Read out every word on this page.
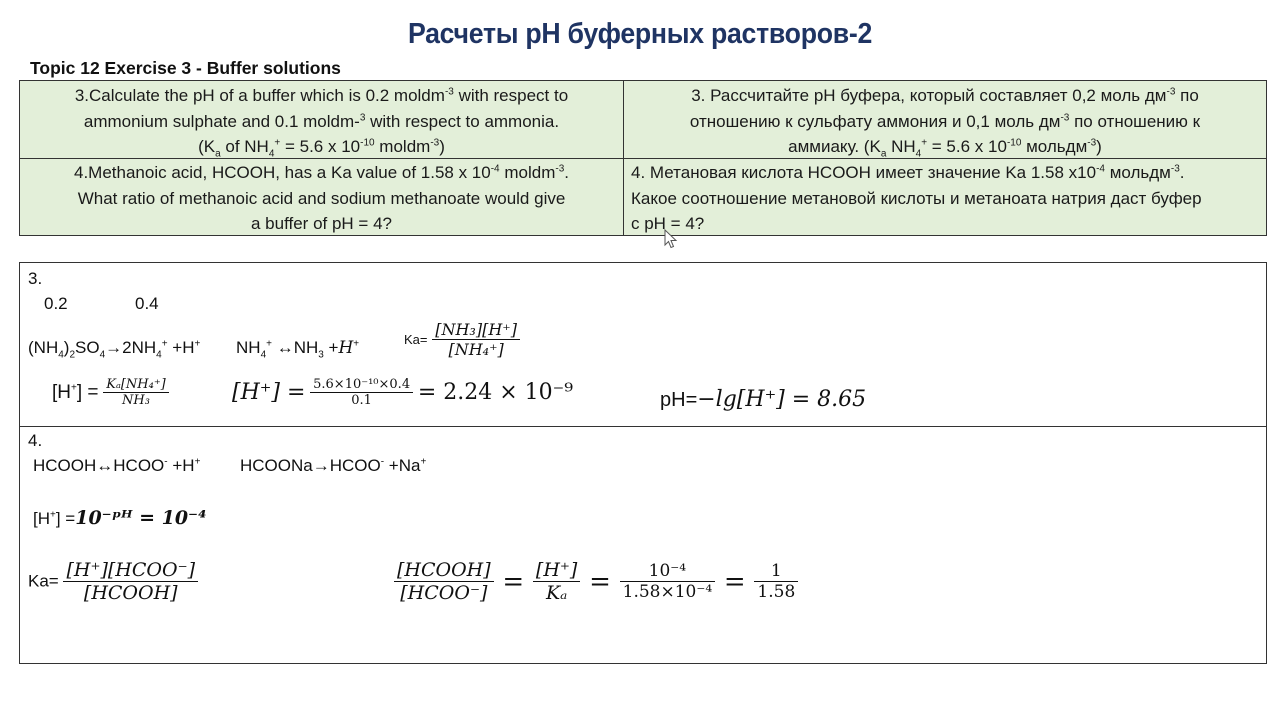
Расчеты pH буферных растворов-2
Topic 12 Exercise 3 - Buffer solutions
3.Calculate the pH of a buffer which is 0.2 moldm$^{-3}$ with respect to
ammonium sulphate and 0.1 moldm-$^3$ with respect to ammonia.
($K_a$ of $NH_4^+ = 5.6$ x $10^{-10}$ moldm$^{-3}$)
3. Рассчитайте pH буфера, который составляет 0,2 моль $дм^{-3}$ по
отношению к сульфату аммония и 0,1 моль $дм^{-3}$ по отношению к
аммиаку. ($K_a$ $NH_4^+ = 5.6$ x $10^{-10}$ мольдм$^{-3}$)
4.Methanoic acid, HCOOH, has a Ka value of 1.58 x $10^{-4}$ moldm$^{-3}$.
What ratio of methanoic acid and sodium methanoate would give
a buffer of pH = 4?
4. Метановая кислота HCOOH имеет значение Ka 1.58 $x10^{-4}$ мольдм$^{-3}$.
Какое соотношение метановой кислоты и метаноата натрия даст буфер
с pH = 4?
3.
0.2	0.4
$(NH_4)_2SO_4\to 2NH_4^+ +H^+$ $NH_4^+$ $\leftrightarrow NH_3 +H^+$	$Ka= \frac{\text{[NH₃][H⁺]}}{\text{[NH₄⁺]}}$
$[H^+] = \frac{\text{Kₐ[NH₄⁺]}}{\text{NH₃}}$	$[H^+] = \frac{\text{5.6×10⁻¹⁰×0.4}}{0.1} = 2.24 \times 10^{-9}$	pH=−lg[H⁺] = 8.65
4.
HCOOH↔HCOO- +H+ HCOONa→HCOO- +Na+
[H+] =10⁻ᵖᴴ = 10⁻⁴
$Ka= \frac{\text{[H⁺][HCOO⁻]}}{\text{[HCOOH]}}$	$\frac{\text{[HCOOH]}}{\text{[HCOO⁻]}} = \frac{[H^+]}{\text{Kₐ}} = \frac{\text{10⁻⁴}}{\text{1.58×10⁻⁴}} = \frac{1}{1.58}$
